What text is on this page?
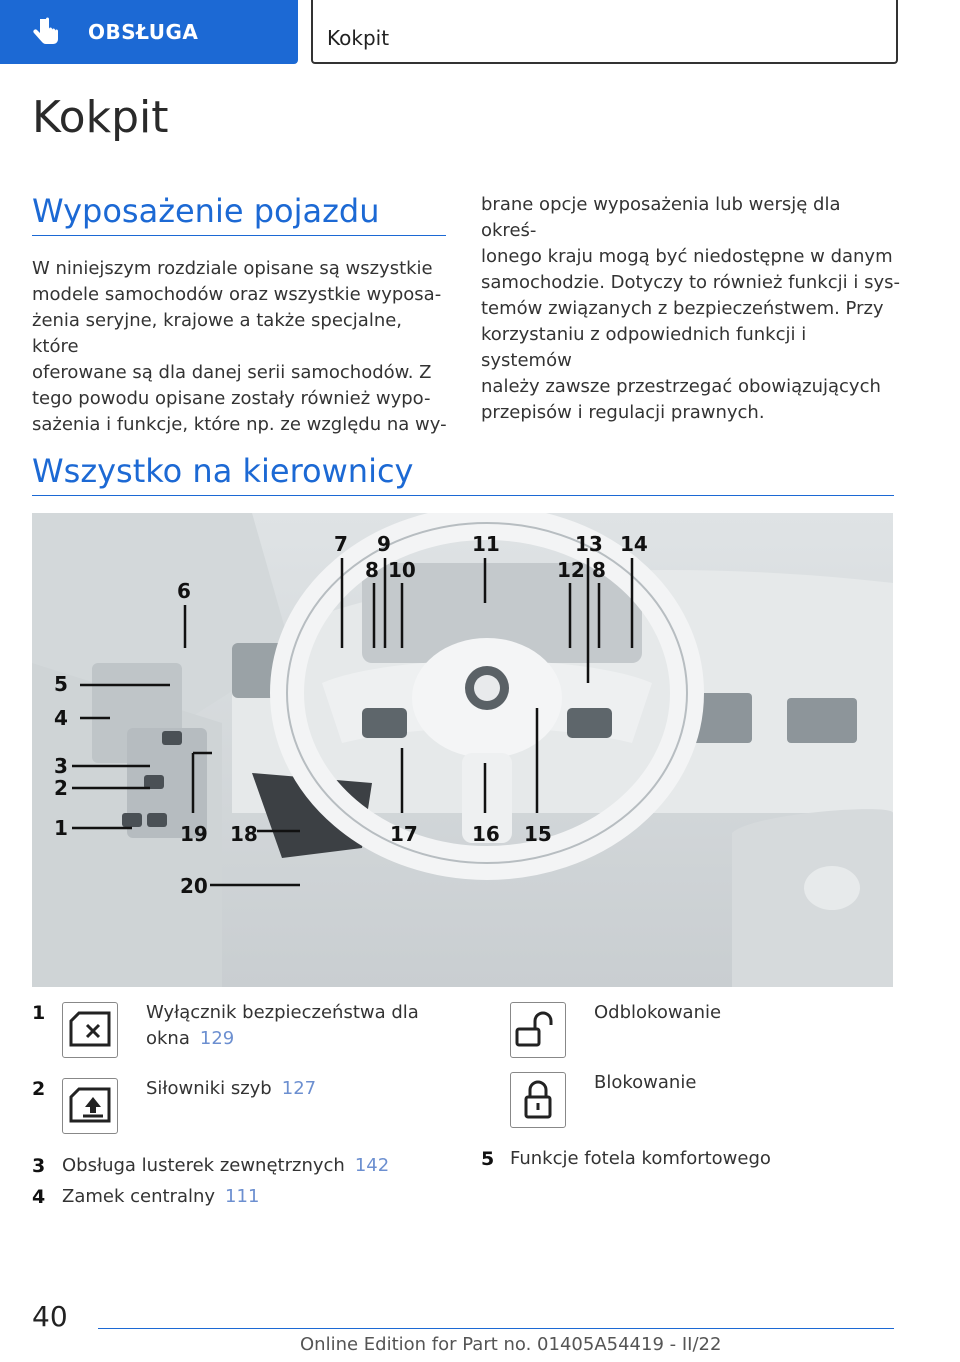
OBSŁUGA	Kokpit
Kokpit
Wyposażenie pojazdu
W niniejszym rozdziale opisane są wszystkie
modele samochodów oraz wszystkie wyposa-
żenia seryjne, krajowe a także specjalne, które
oferowane są dla danej serii samochodów. Z
tego powodu opisane zostały również wypo-
sażenia i funkcje, które np. ze względu na wy-
brane opcje wyposażenia lub wersję dla okreś-
lonego kraju mogą być niedostępne w danym
samochodzie. Dotyczy to również funkcji i sys-
temów związanych z bezpieczeństwem. Przy
korzystaniu z odpowiednich funkcji i systemów
należy zawsze przestrzegać obowiązujących
przepisów i regulacji prawnych.
Wszystko na kierownicy
5
4
3
2
1
6
7 9
8 10
11
12
13
8
14
15
16
17
18
19
20
1	Wyłącznik bezpieczeństwa dla
okna 129
2	Siłowniki szyb 127
3 Obsługa lusterek zewnętrznych 142
4 Zamek centralny 111
Odblokowanie
Blokowanie
5 Funkcje fotela komfortowego
40
Online Edition for Part no. 01405A54419 - II/22
